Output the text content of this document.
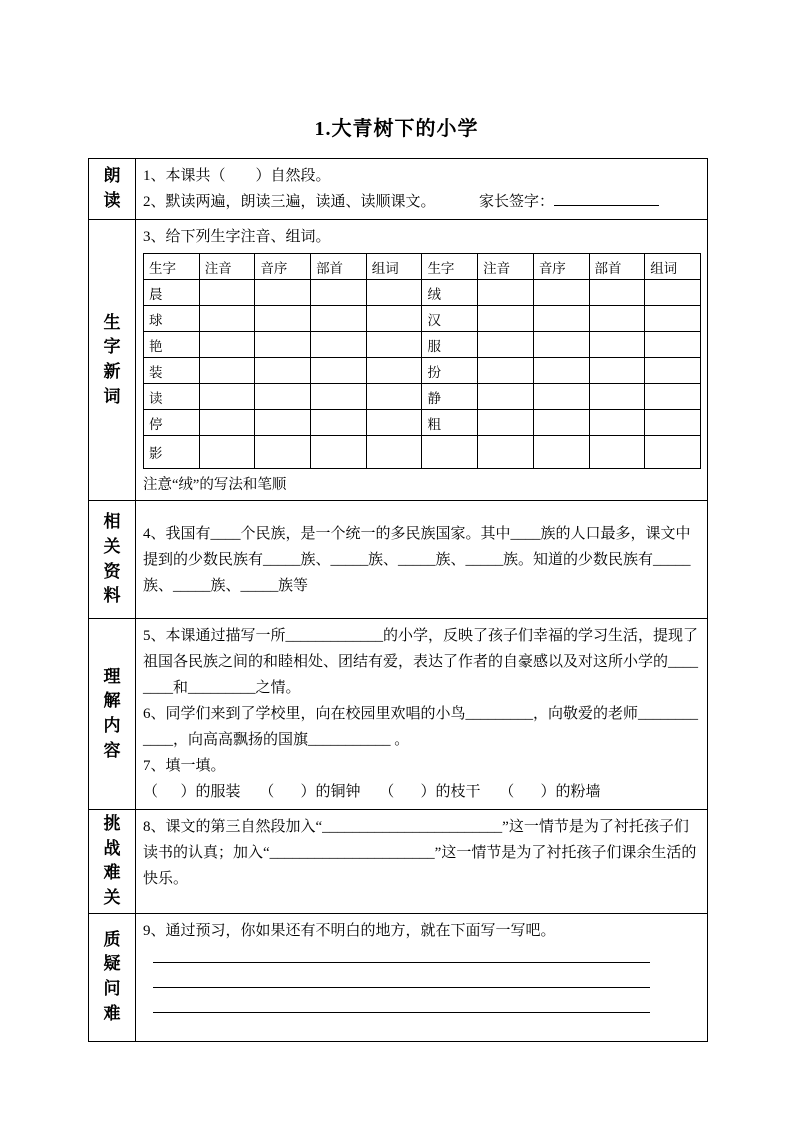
1.大青树下的小学
朗读

1、本课共（        ）自然段。

2、默读两遍，朗读三遍，读通、读顺课文。	家长签字：

生字新词

3、给下列生字注音、组词。

生字	注音	音序	部首	组词	生字	注音	音序	部首	组词
晨					绒				
球					汉				
艳					服				
装					扮				
读					静				
停					粗				
影									

注意“绒”的写法和笔顺

相关资料

4、我国有____个民族，是一个统一的多民族国家。其中____族的人口最多，课文中提到的少数民族有_____族、_____族、_____族、_____族。知道的少数民族有_____族、_____族、_____族等

理解内容

5、本课通过描写一所_____________的小学，反映了孩子们幸福的学习生活，提现了祖国各民族之间的和睦相处、团结有爱，表达了作者的自豪感以及对这所小学的________和_________之情。

6、同学们来到了学校里，向在校园里欢唱的小鸟_________，向敬爱的老师____________，向高高飘扬的国旗___________ 。

7、填一填。

（      ）的服装     （       ）的铜钟     （       ）的枝干     （       ）的粉墙

挑战难关

8、课文的第三自然段加入“________________________”这一情节是为了衬托孩子们读书的认真；加入“______________________”这一情节是为了衬托孩子们课余生活的快乐。

质疑问难

9、通过预习，你如果还有不明白的地方，就在下面写一写吧。
